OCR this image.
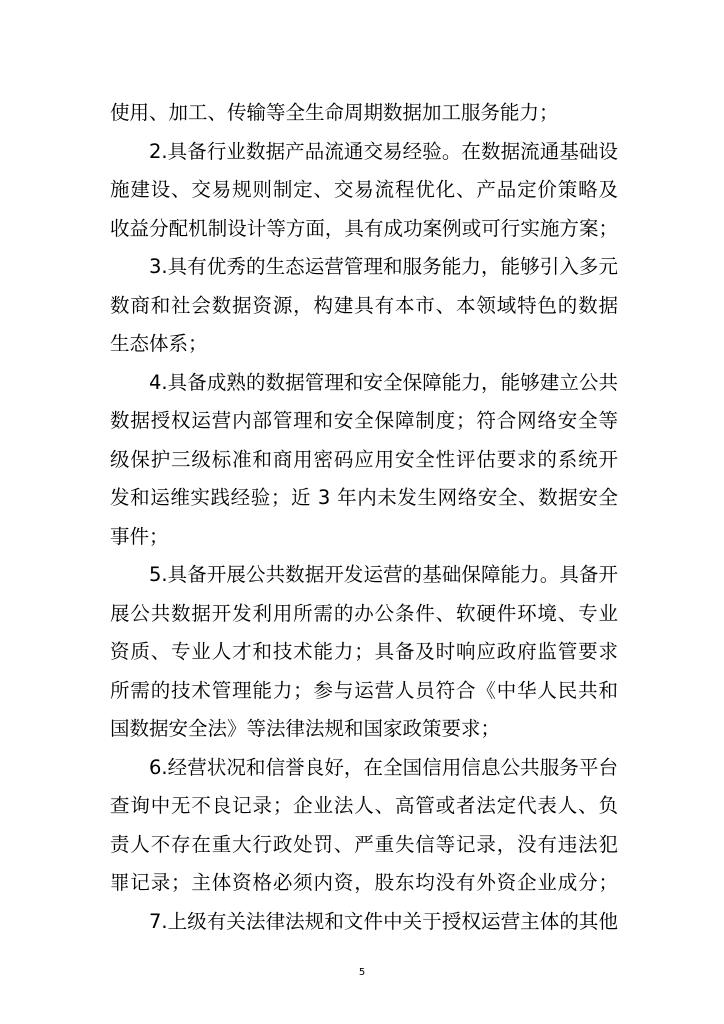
使用、加工、传输等全生命周期数据加工服务能力；
2.具备行业数据产品流通交易经验。在数据流通基础设
施建设、交易规则制定、交易流程优化、产品定价策略及
收益分配机制设计等方面，具有成功案例或可行实施方案；
3.具有优秀的生态运营管理和服务能力，能够引入多元
数商和社会数据资源，构建具有本市、本领域特色的数据
生态体系；
4.具备成熟的数据管理和安全保障能力，能够建立公共
数据授权运营内部管理和安全保障制度；符合网络安全等
级保护三级标准和商用密码应用安全性评估要求的系统开
发和运维实践经验；近 3 年内未发生网络安全、数据安全
事件；
5.具备开展公共数据开发运营的基础保障能力。具备开
展公共数据开发利用所需的办公条件、软硬件环境、专业
资质、专业人才和技术能力；具备及时响应政府监管要求
所需的技术管理能力；参与运营人员符合《中华人民共和
国数据安全法》等法律法规和国家政策要求；
6.经营状况和信誉良好，在全国信用信息公共服务平台
查询中无不良记录；企业法人、高管或者法定代表人、负
责人不存在重大行政处罚、严重失信等记录，没有违法犯
罪记录；主体资格必须内资，股东均没有外资企业成分；
7.上级有关法律法规和文件中关于授权运营主体的其他
5
